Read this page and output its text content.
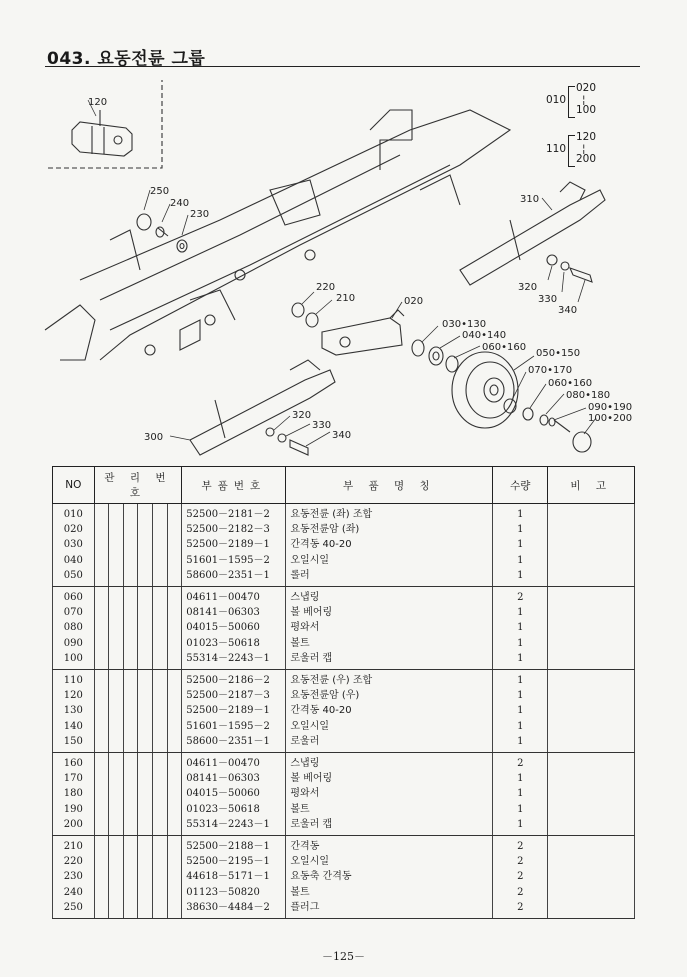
043. 요동전륜 그룹
120
250
240
230
310
320
330
340
220
210	020
030•130
040•140
060•160
050•150
070•170
060•160
080•180
090•190
100•200
320
330
340
300
010
020
¦
100
110
120
¦
200
NO	관 리 번 호						부품번호	부 품 명 칭	수량	비 고
010							52500－2181－2	요동전륜 (좌) 조합	1	
020							52500－2182－3	요동전륜암 (좌)	1	
030							52500－2189－1	간격동 40-20	1	
040							51601－1595－2	오일시일	1	
050							58600－2351－1	롤러	1	
060							04611－00470	스냅링	2	
070							08141－06303	볼 베어링	1	
080							04015－50060	평와서	1	
090							01023－50618	볼트	1	
100							55314－2243－1	로울러 캡	1	
110							52500－2186－2	요동전륜 (우) 조합	1	
120							52500－2187－3	요동전륜암 (우)	1	
130							52500－2189－1	간격동 40-20	1	
140							51601－1595－2	오일시일	1	
150							58600－2351－1	로울러	1	
160							04611－00470	스냅링	2	
170							08141－06303	볼 베어링	1	
180							04015－50060	평와서	1	
190							01023－50618	볼트	1	
200							55314－2243－1	로울러 캡	1	
210							52500－2188－1	간격동	2	
220							52500－2195－1	오일시일	2	
230							44618－5171－1	요동축 간격동	2	
240							01123－50820	볼트	2	
250							38630－4484－2	플러그	2	
－125－
